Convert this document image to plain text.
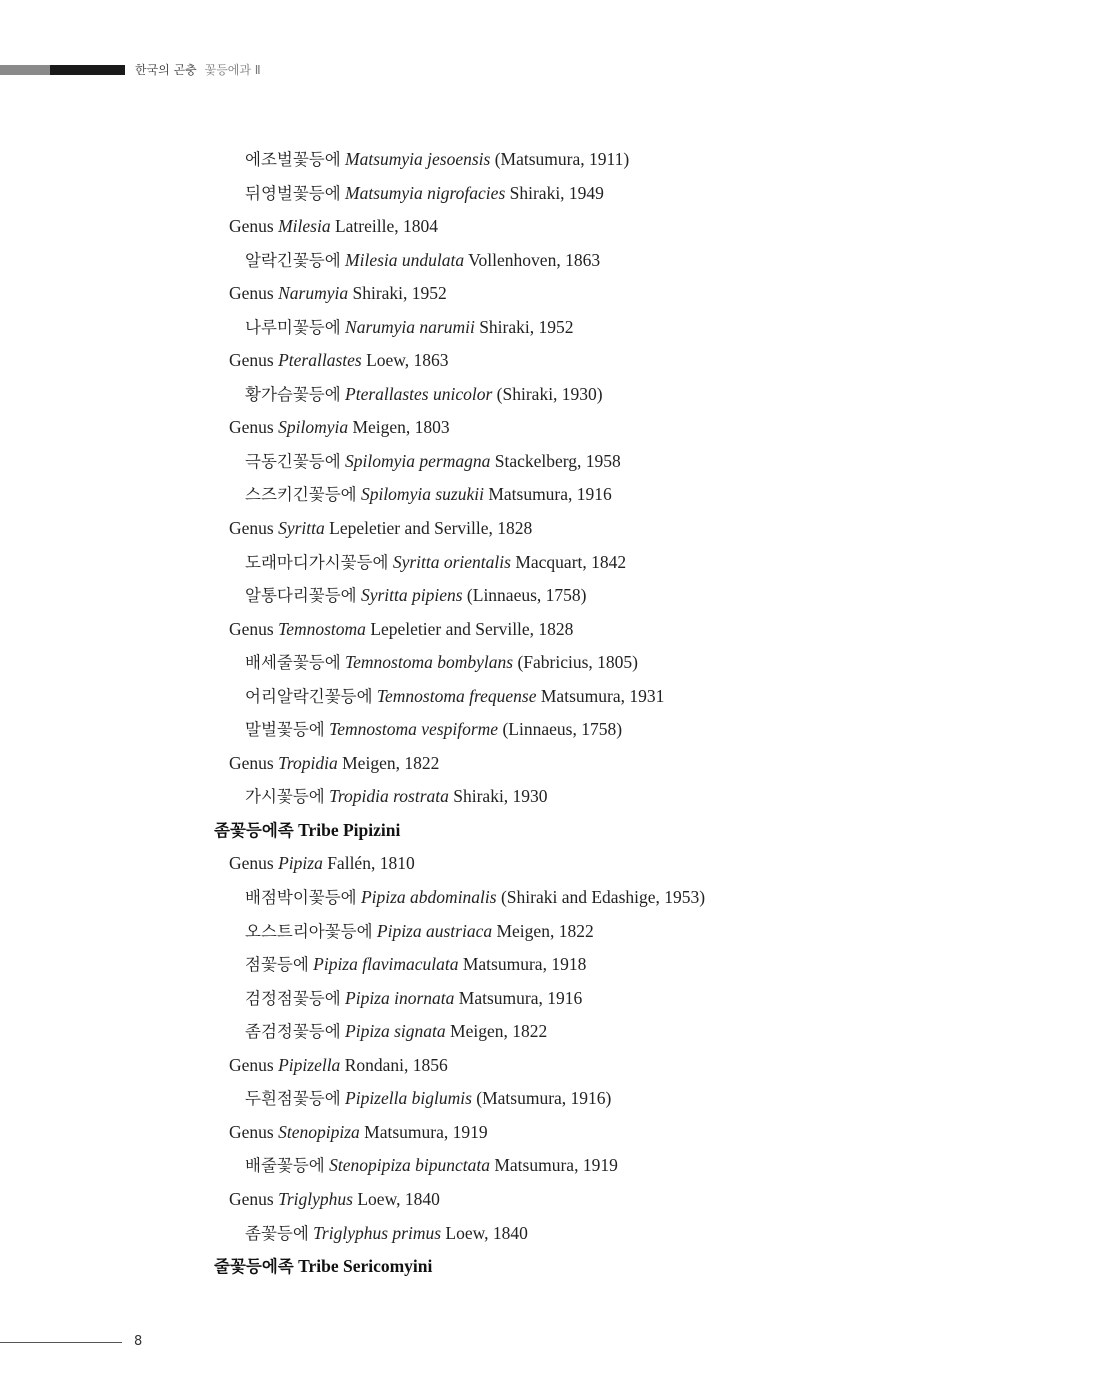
한국의 곤충 꽃등에과 Ⅱ
에조벌꽃등에 Matsumyia jesoensis (Matsumura, 1911)
뒤영벌꽃등에 Matsumyia nigrofacies Shiraki, 1949
Genus Milesia Latreille, 1804
알락긴꽃등에 Milesia undulata Vollenhoven, 1863
Genus Narumyia Shiraki, 1952
나루미꽃등에 Narumyia narumii Shiraki, 1952
Genus Pterallastes Loew, 1863
황가슴꽃등에 Pterallastes unicolor (Shiraki, 1930)
Genus Spilomyia Meigen, 1803
극동긴꽃등에 Spilomyia permagna Stackelberg, 1958
스즈키긴꽃등에 Spilomyia suzukii Matsumura, 1916
Genus Syritta Lepeletier and Serville, 1828
도래마디가시꽃등에 Syritta orientalis Macquart, 1842
알통다리꽃등에 Syritta pipiens (Linnaeus, 1758)
Genus Temnostoma Lepeletier and Serville, 1828
배세줄꽃등에 Temnostoma bombylans (Fabricius, 1805)
어리알락긴꽃등에 Temnostoma frequense Matsumura, 1931
말벌꽃등에 Temnostoma vespiforme (Linnaeus, 1758)
Genus Tropidia Meigen, 1822
가시꽃등에 Tropidia rostrata Shiraki, 1930
좀꽃등에족 Tribe Pipizini
Genus Pipiza Fallén, 1810
배점박이꽃등에 Pipiza abdominalis (Shiraki and Edashige, 1953)
오스트리아꽃등에 Pipiza austriaca Meigen, 1822
점꽃등에 Pipiza flavimaculata Matsumura, 1918
검정점꽃등에 Pipiza inornata Matsumura, 1916
좀검정꽃등에 Pipiza signata Meigen, 1822
Genus Pipizella Rondani, 1856
두흰점꽃등에 Pipizella biglumis (Matsumura, 1916)
Genus Stenopipiza Matsumura, 1919
배줄꽃등에 Stenopipiza bipunctata Matsumura, 1919
Genus Triglyphus Loew, 1840
좀꽃등에 Triglyphus primus Loew, 1840
줄꽃등에족 Tribe Sericomyini
8
